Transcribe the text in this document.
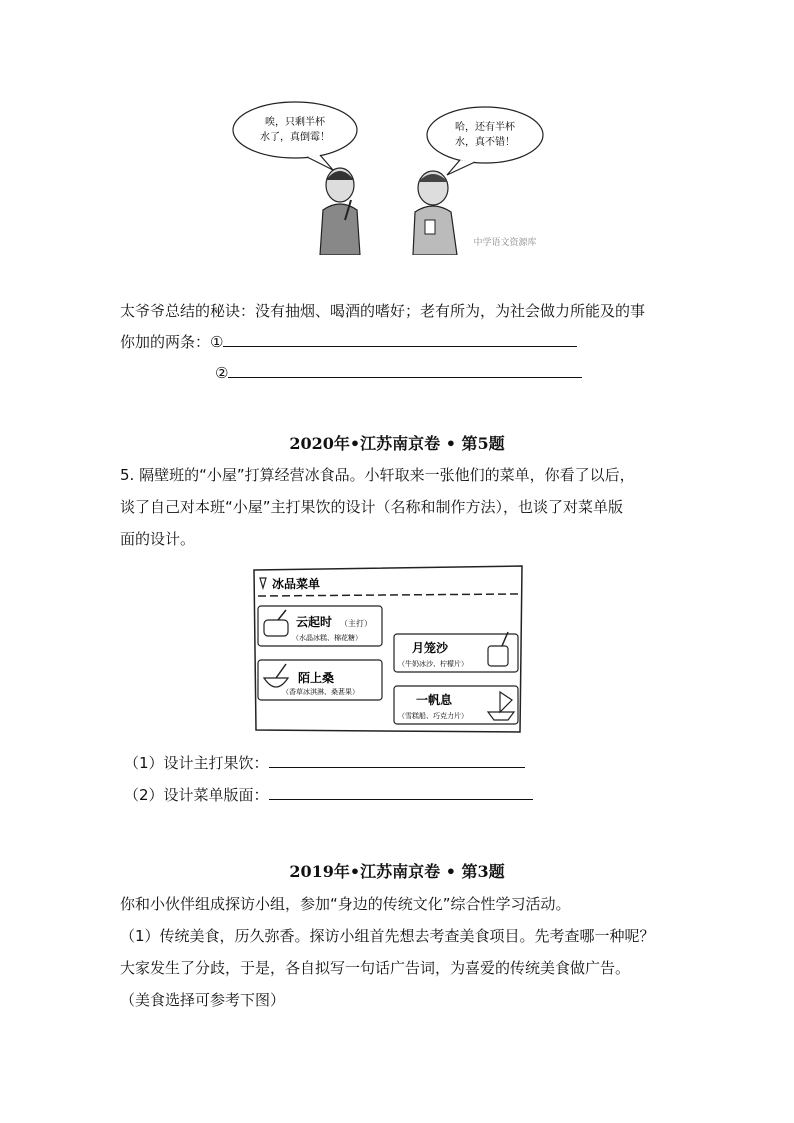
唉，只剩半杯
水了，真倒霉！
哈，还有半杯
水，真不错！
中学语文资源库
太爷爷总结的秘诀：没有抽烟、喝酒的嗜好；老有所为，为社会做力所能及的事
你加的两条：①
②
2020年•江苏南京卷 • 第5题
5. 隔壁班的“小屋”打算经营冰食品。小轩取来一张他们的菜单，你看了以后，
谈了自己对本班“小屋”主打果饮的设计（名称和制作方法），也谈了对菜单版
面的设计。
冰品菜单
云起时 （主打）
（水晶冰糕、棉花糖）
月笼沙
（牛奶冰沙、柠檬片）
陌上桑
（香草冰淇淋、桑葚果）
一帆息
（雪糕船、巧克力片）
（1）设计主打果饮：
（2）设计菜单版面：
2019年•江苏南京卷 • 第3题
你和小伙伴组成探访小组，参加“身边的传统文化”综合性学习活动。
（1）传统美食，历久弥香。探访小组首先想去考查美食项目。先考查哪一种呢？
大家发生了分歧，于是，各自拟写一句话广告词，为喜爱的传统美食做广告。
（美食选择可参考下图）
